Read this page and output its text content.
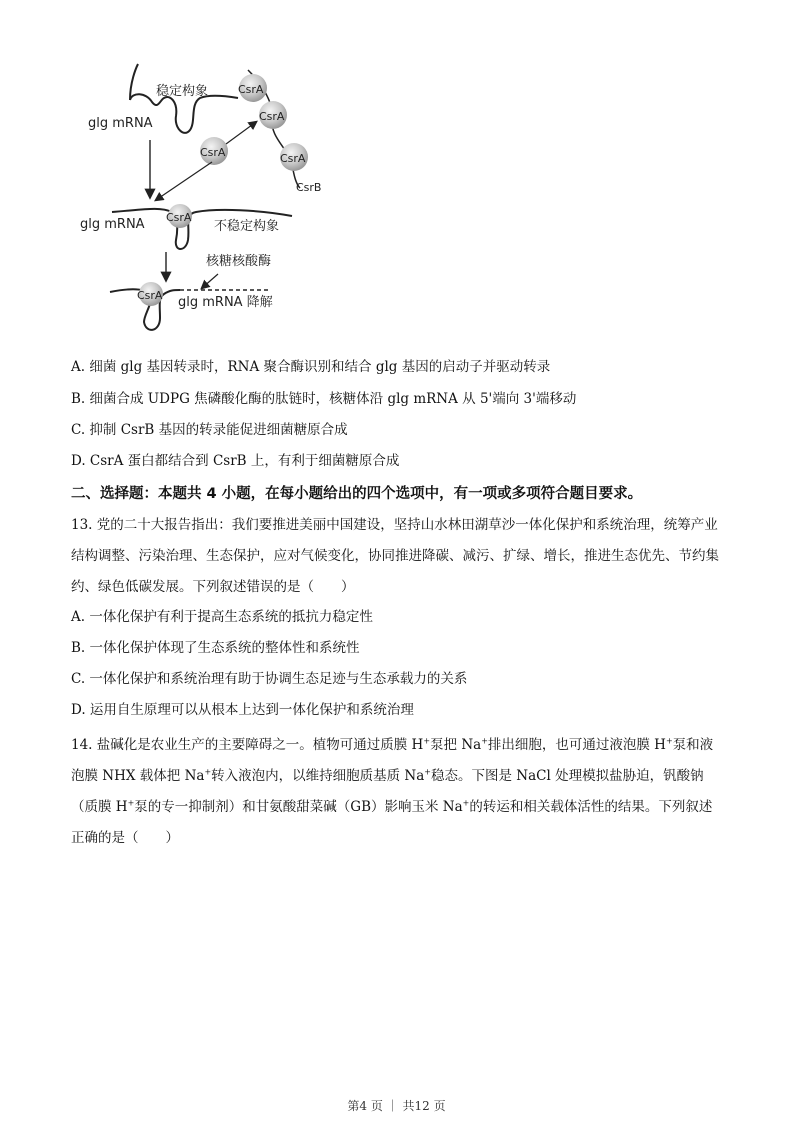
稳定构象
glg mRNA
CsrA
CsrA
CsrA
CsrB
CsrA
CsrA
glg mRNA	不稳定构象
核糖核酸酶
CsrA glg mRNA 降解
A. 细菌 glg 基因转录时，RNA 聚合酶识别和结合 glg 基因的启动子并驱动转录
B. 细菌合成 UDPG 焦磷酸化酶的肽链时，核糖体沿 glg mRNA 从 5'端向 3'端移动
C. 抑制 CsrB 基因的转录能促进细菌糖原合成
D. CsrA 蛋白都结合到 CsrB 上，有利于细菌糖原合成
二、选择题：本题共 4 小题，在每小题给出的四个选项中，有一项或多项符合题目要求。
13. 党的二十大报告指出：我们要推进美丽中国建设，坚持山水林田湖草沙一体化保护和系统治理，统筹产业结构调整、污染治理、生态保护，应对气候变化，协同推进降碳、减污、扩绿、增长，推进生态优先、节约集约、绿色低碳发展。下列叙述错误的是（　　）
A. 一体化保护有利于提高生态系统的抵抗力稳定性
B. 一体化保护体现了生态系统的整体性和系统性
C. 一体化保护和系统治理有助于协调生态足迹与生态承载力的关系
D. 运用自生原理可以从根本上达到一体化保护和系统治理
14. 盐碱化是农业生产的主要障碍之一。植物可通过质膜 H+泵把 Na+排出细胞，也可通过液泡膜 H+泵和液泡膜 NHX 载体把 Na+转入液泡内，以维持细胞质基质 Na+稳态。下图是 NaCl 处理模拟盐胁迫，钒酸钠（质膜 H+泵的专一抑制剂）和甘氨酸甜菜碱（GB）影响玉米 Na+的转运和相关载体活性的结果。下列叙述正确的是（　　）
第4 页 ｜ 共12 页
